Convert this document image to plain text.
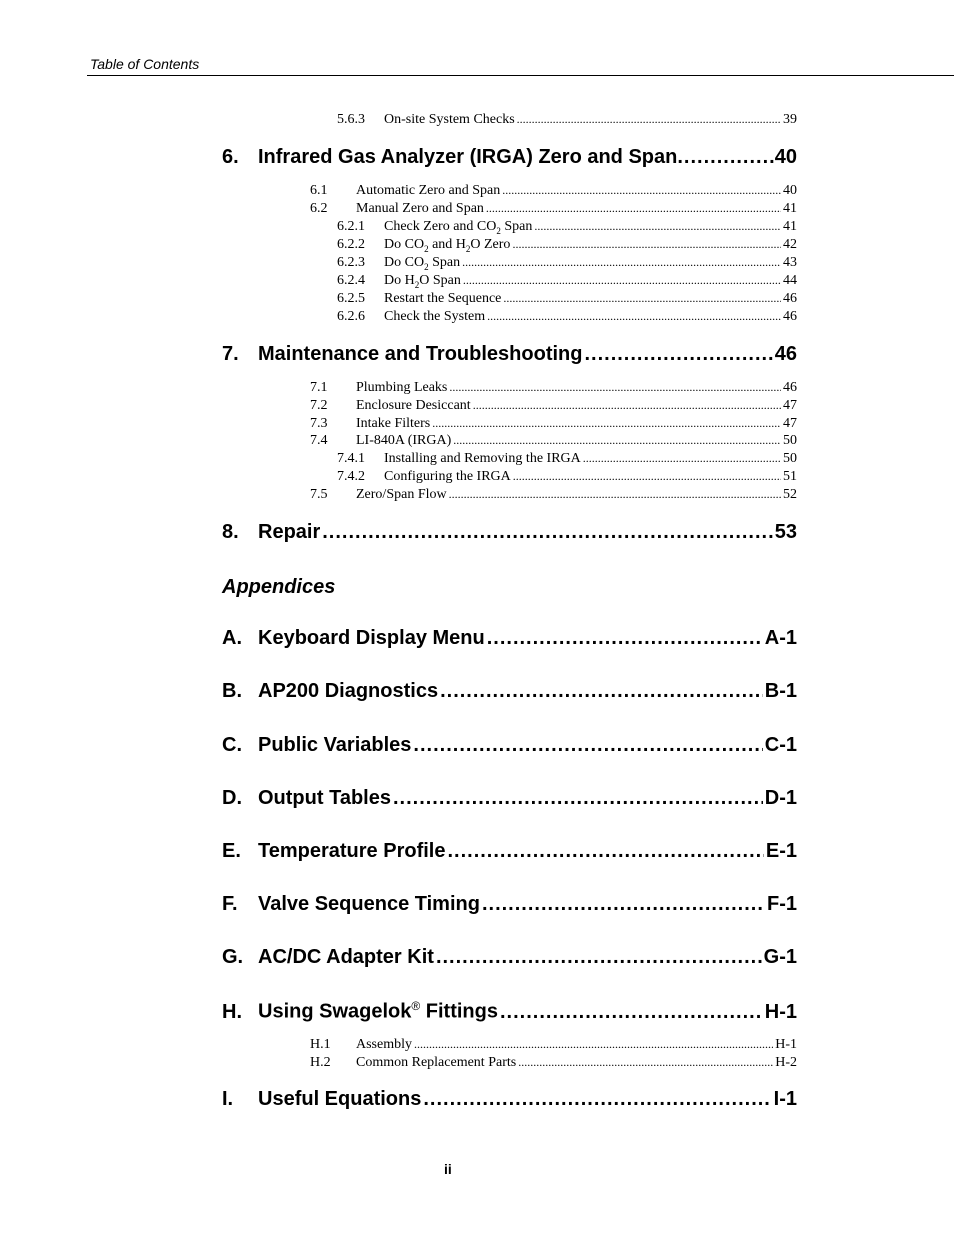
Table of Contents
5.6.3	On-site System Checks .....	39
6. Infrared Gas Analyzer (IRGA) Zero and Span .....	40
6.1	Automatic Zero and Span .....	40
6.2	Manual Zero and Span .....	41
6.2.1	Check Zero and $CO_2$ Span .....	41
6.2.2	Do $CO_2$ and $H_2O$ Zero .....	42
6.2.3	Do $CO_2$ Span .....	43
6.2.4	Do $H_2O$ Span .....	44
6.2.5	Restart the Sequence .....	46
6.2.6	Check the System .....	46
7. Maintenance and Troubleshooting .....	46
7.1	Plumbing Leaks .....	46
7.2	Enclosure Desiccant .....	47
7.3	Intake Filters .....	47
7.4	LI-840A (IRGA) .....	50
7.4.1	Installing and Removing the IRGA .....	50
7.4.2	Configuring the IRGA .....	51
7.5	Zero/Span Flow .....	52
8. Repair .....	53
Appendices
A. Keyboard Display Menu .....	A-1
B. AP200 Diagnostics .....	B-1
C. Public Variables .....	C-1
D. Output Tables .....	D-1
E. Temperature Profile .....	E-1
F.	Valve Sequence Timing .....	F-1
G. AC/DC Adapter Kit .....	G-1
H. Using Swagelok® Fittings .....	H-1
H.1	Assembly .....	H-1
H.2	Common Replacement Parts .....	H-2
I.	Useful Equations .....	I-1
ii
